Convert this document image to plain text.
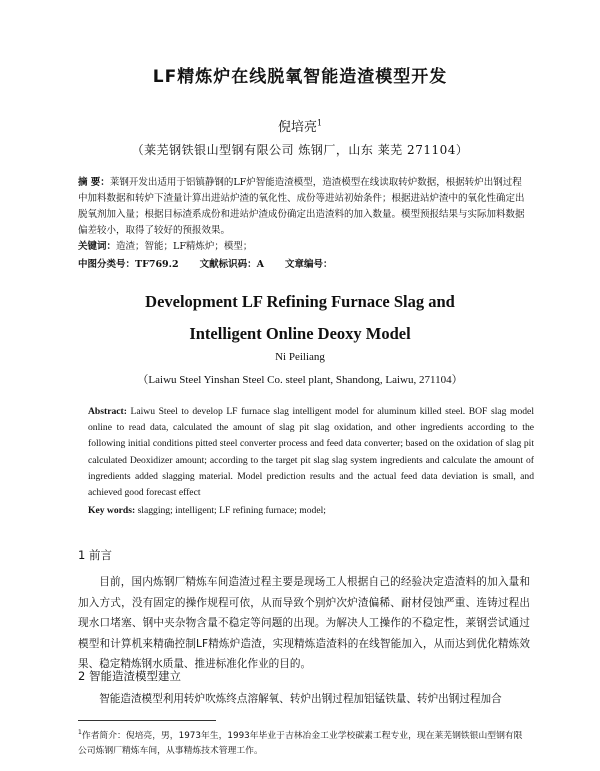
LF精炼炉在线脱氧智能造渣模型开发
倪培亮$^1$
（莱芜钢铁银山型钢有限公司 炼钢厂，山东 莱芜 271104）
摘 要：莱钢开发出适用于铝镇静钢的LF炉智能造渣模型，造渣模型在线读取转炉数据，根据转炉出钢过程中加料数据和转炉下渣量计算出进站炉渣的氧化性、成份等进站初始条件；根据进站炉渣中的氧化性确定出脱氧剂加入量；根据目标渣系成份和进站炉渣成份确定出造渣料的加入数量。模型预报结果与实际加料数据偏差较小，取得了较好的预报效果。
关键词：造渣；智能；LF精炼炉；模型；
中图分类号：TF769.2 文献标识码：A 文章编号：
Development LF Refining Furnace Slag and
Intelligent Online Deoxy Model
Ni Peiliang
（Laiwu Steel Yinshan Steel Co. steel plant, Shandong, Laiwu, 271104）
Abstract: Laiwu Steel to develop LF furnace slag intelligent model for aluminum killed steel. BOF slag model online to read data, calculated the amount of slag pit slag oxidation, and other ingredients according to the following initial conditions pitted steel converter process and feed data converter; based on the oxidation of slag pit calculated Deoxidizer amount; according to the target pit slag slag system ingredients and calculate the amount of ingredients added slagging material. Model prediction results and the actual feed data deviation is small, and achieved good forecast effect
Key words: slagging; intelligent; LF refining furnace; model;
1 前言
目前，国内炼钢厂精炼车间造渣过程主要是现场工人根据自己的经验决定造渣料的加入量和加入方式，没有固定的操作规程可依，从而导致个别炉次炉渣偏稀、耐材侵蚀严重、连铸过程出现水口堵塞、钢中夹杂物含量不稳定等问题的出现。为解决人工操作的不稳定性，莱钢尝试通过模型和计算机来精确控制LF精炼炉造渣，实现精炼造渣料的在线智能加入，从而达到优化精炼效果、稳定精炼钢水质量、推进标准化作业的目的。
2 智能造渣模型建立
智能造渣模型利用转炉吹炼终点溶解氧、转炉出钢过程加铝锰铁量、转炉出钢过程加合
$^1$作者简介：倪培亮，男，1973年生，1993年毕业于吉林冶金工业学校碳素工程专业，现在莱芜钢铁银山型钢有限公司炼钢厂精炼车间，从事精炼技术管理工作。
